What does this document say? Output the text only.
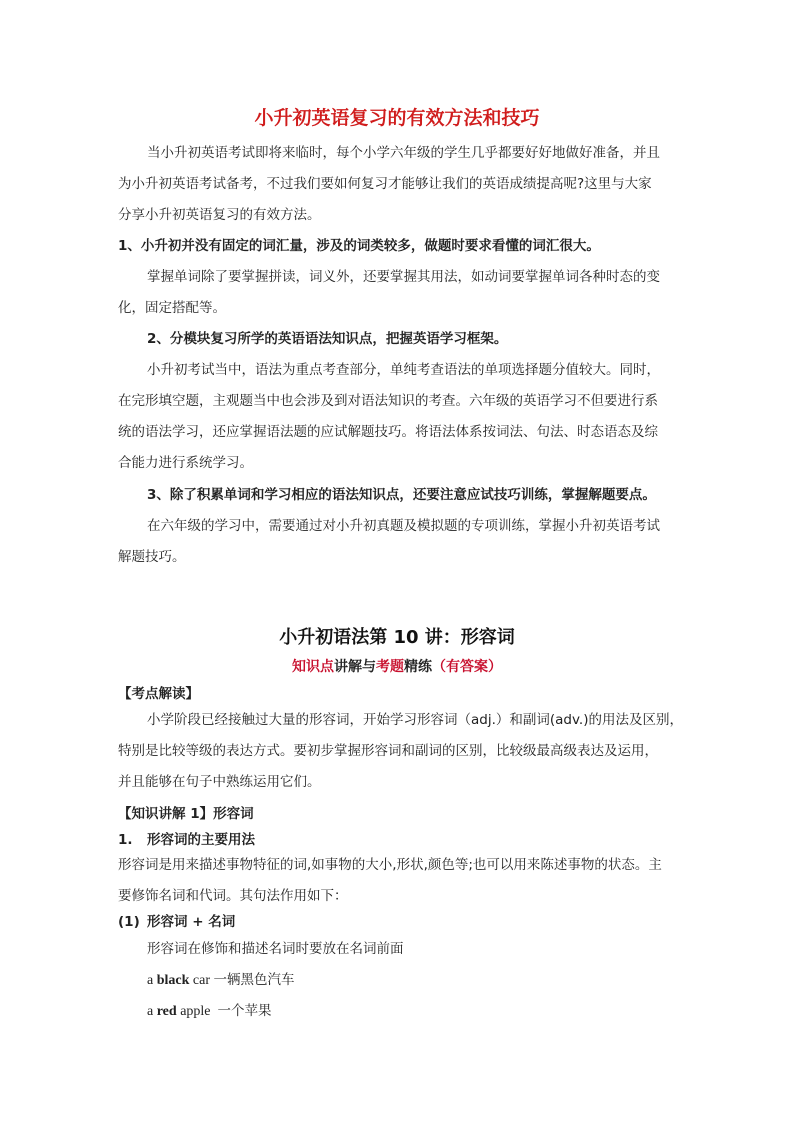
小升初英语复习的有效方法和技巧
当小升初英语考试即将来临时，每个小学六年级的学生几乎都要好好地做好准备，并且
为小升初英语考试备考，不过我们要如何复习才能够让我们的英语成绩提高呢?这里与大家
分享小升初英语复习的有效方法。
1、小升初并没有固定的词汇量，涉及的词类较多，做题时要求看懂的词汇很大。
掌握单词除了要掌握拼读，词义外，还要掌握其用法，如动词要掌握单词各种时态的变
化，固定搭配等。
2、分模块复习所学的英语语法知识点，把握英语学习框架。
小升初考试当中，语法为重点考查部分，单纯考查语法的单项选择题分值较大。同时，
在完形填空题，主观题当中也会涉及到对语法知识的考查。六年级的英语学习不但要进行系
统的语法学习，还应掌握语法题的应试解题技巧。将语法体系按词法、句法、时态语态及综
合能力进行系统学习。
3、除了积累单词和学习相应的语法知识点，还要注意应试技巧训练，掌握解题要点。
在六年级的学习中，需要通过对小升初真题及模拟题的专项训练，掌握小升初英语考试
解题技巧。
小升初语法第 10 讲：形容词
知识点讲解与考题精练（有答案）
【考点解读】
小学阶段已经接触过大量的形容词，开始学习形容词（adj.）和副词(adv.)的用法及区别，
特别是比较等级的表达方式。要初步掌握形容词和副词的区别，比较级最高级表达及运用，
并且能够在句子中熟练运用它们。
【知识讲解 1】形容词
1. 形容词的主要用法
形容词是用来描述事物特征的词,如事物的大小,形状,颜色等;也可以用来陈述事物的状态。主
要修饰名词和代词。其句法作用如下：
(1) 形容词 + 名词
形容词在修饰和描述名词时要放在名词前面
a black car 一辆黑色汽车
a red apple 一个苹果
